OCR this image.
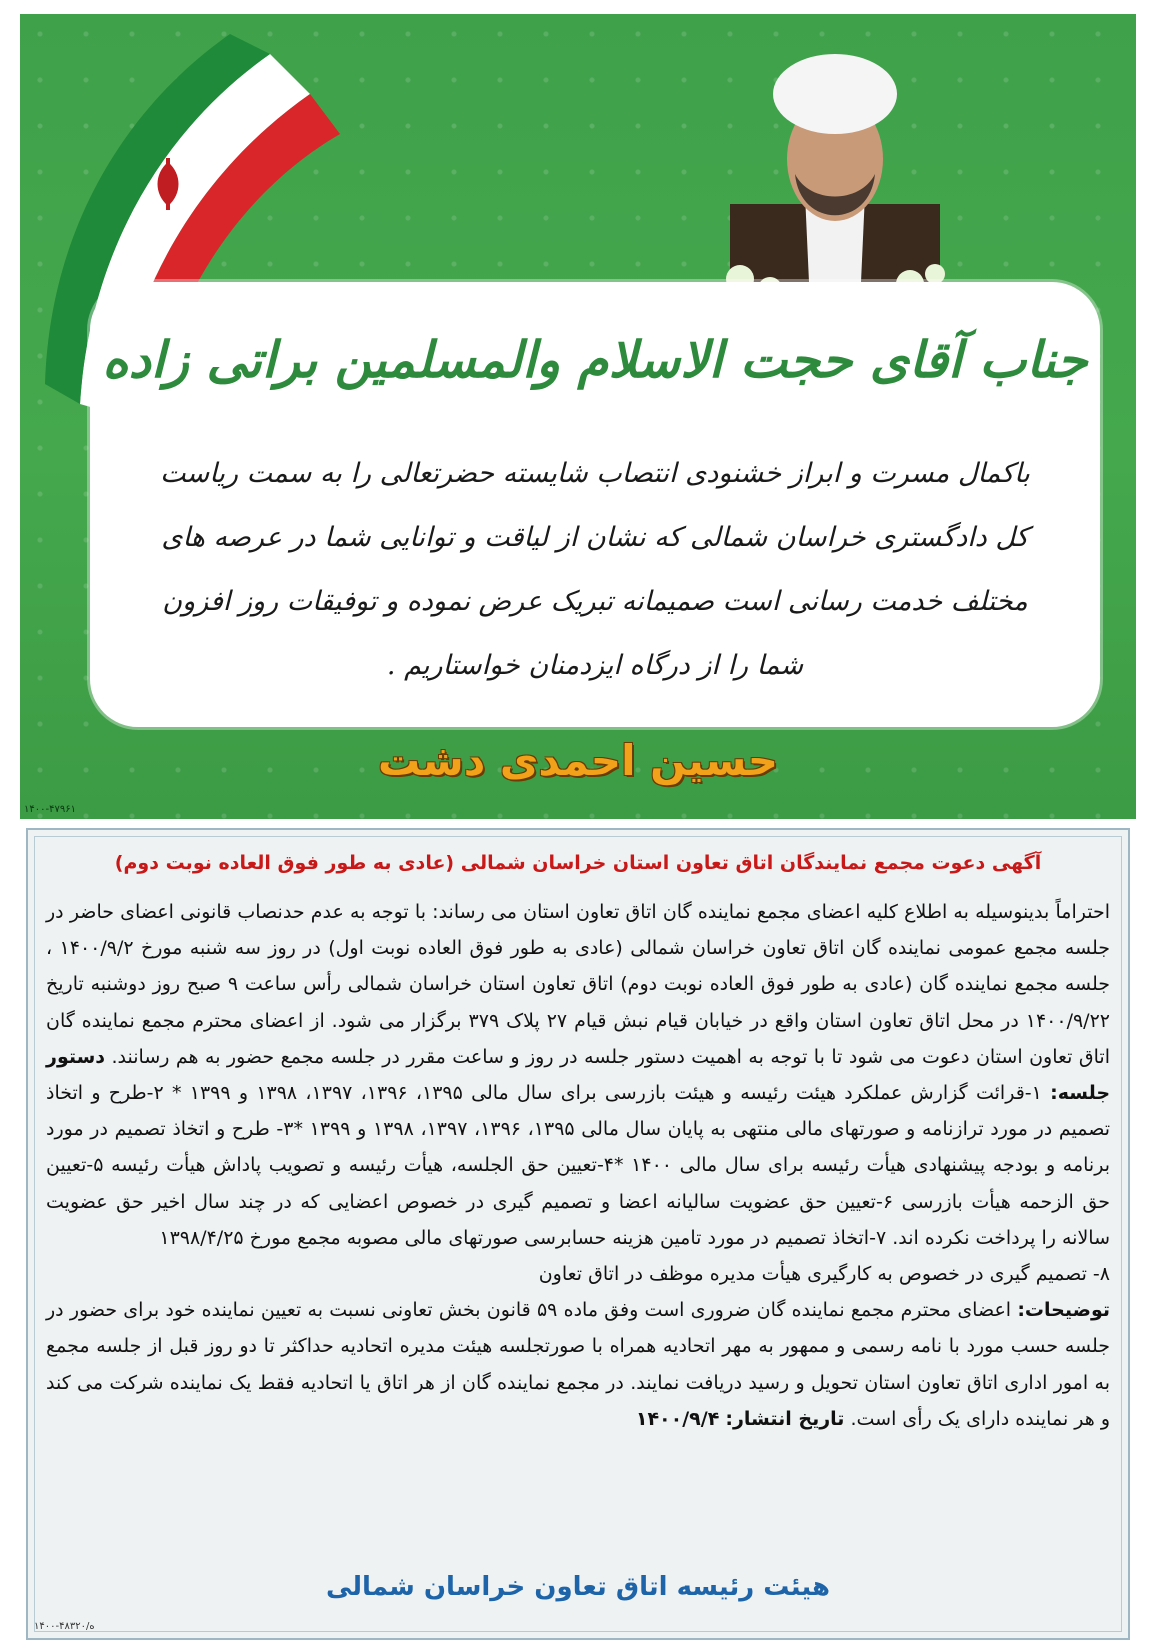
جناب آقای حجت الاسلام والمسلمین براتی زاده
باکمال مسرت و ابراز خشنودی انتصاب شایسته حضرتعالی را به سمت ریاست کل دادگستری خراسان شمالی که نشان از لیاقت و توانایی شما در عرصه های مختلف خدمت رسانی است صمیمانه تبریک عرض نموده و توفیقات روز افزون شما را از درگاه ایزدمنان خواستاریم .
حسین احمدی دشت
۱۴۰۰-۴۷۹۶۱
آگهی دعوت مجمع نمایندگان اتاق تعاون استان خراسان شمالی (عادی به طور فوق العاده نوبت دوم)
احتراماً بدینوسیله به اطلاع کلیه اعضای مجمع نماینده گان اتاق تعاون استان می رساند: با توجه به عدم حدنصاب قانونی اعضای حاضر در جلسه مجمع عمومی نماینده گان اتاق تعاون خراسان شمالی (عادی به طور فوق العاده نوبت اول) در روز سه شنبه مورخ ۱۴۰۰/۹/۲ ، جلسه مجمع نماینده گان (عادی به طور فوق العاده نوبت دوم) اتاق تعاون استان خراسان شمالی رأس ساعت ۹ صبح روز دوشنبه تاریخ ۱۴۰۰/۹/۲۲ در محل اتاق تعاون استان واقع در خیابان قیام نبش قیام ۲۷ پلاک ۳۷۹ برگزار می شود. از اعضای محترم مجمع نماینده گان اتاق تعاون استان دعوت می شود تا با توجه به اهمیت دستور جلسه در روز و ساعت مقرر در جلسه مجمع حضور به هم رسانند. دستور جلسه: ۱-قرائت گزارش عملکرد هیئت رئیسه و هیئت بازرسی برای سال مالی ۱۳۹۵، ۱۳۹۶، ۱۳۹۷، ۱۳۹۸ و ۱۳۹۹ * ۲-طرح و اتخاذ تصمیم در مورد ترازنامه و صورتهای مالی منتهی به پایان سال مالی ۱۳۹۵، ۱۳۹۶، ۱۳۹۷، ۱۳۹۸ و ۱۳۹۹ *۳- طرح و اتخاذ تصمیم در مورد برنامه و بودجه پیشنهادی هیأت رئیسه برای سال مالی ۱۴۰۰ *۴-تعیین حق الجلسه، هیأت رئیسه و تصویب پاداش هیأت رئیسه ۵-تعیین حق الزحمه هیأت بازرسی ۶-تعیین حق عضویت سالیانه اعضا و تصمیم گیری در خصوص اعضایی که در چند سال اخیر حق عضویت سالانه را پرداخت نکرده اند. ۷-اتخاذ تصمیم در مورد تامین هزینه حسابرسی صورتهای مالی مصوبه مجمع مورخ ۱۳۹۸/۴/۲۵
۸- تصمیم گیری در خصوص به کارگیری هیأت مدیره موظف در اتاق تعاون
توضیحات: اعضای محترم مجمع نماینده گان ضروری است وفق ماده ۵۹ قانون بخش تعاونی نسبت به تعیین نماینده خود برای حضور در جلسه حسب مورد با نامه رسمی و ممهور به مهر اتحادیه همراه با صورتجلسه هیئت مدیره اتحادیه حداکثر تا دو روز قبل از جلسه مجمع به امور اداری اتاق تعاون استان تحویل و رسید دریافت نمایند. در مجمع نماینده گان از هر اتاق یا اتحادیه فقط یک نماینده شرکت می کند و هر نماینده دارای یک رأی است. تاریخ انتشار: ۱۴۰۰/۹/۴
هیئت رئیسه اتاق تعاون خراسان شمالی
۱۴۰۰-۴۸۳۲۰/ه
